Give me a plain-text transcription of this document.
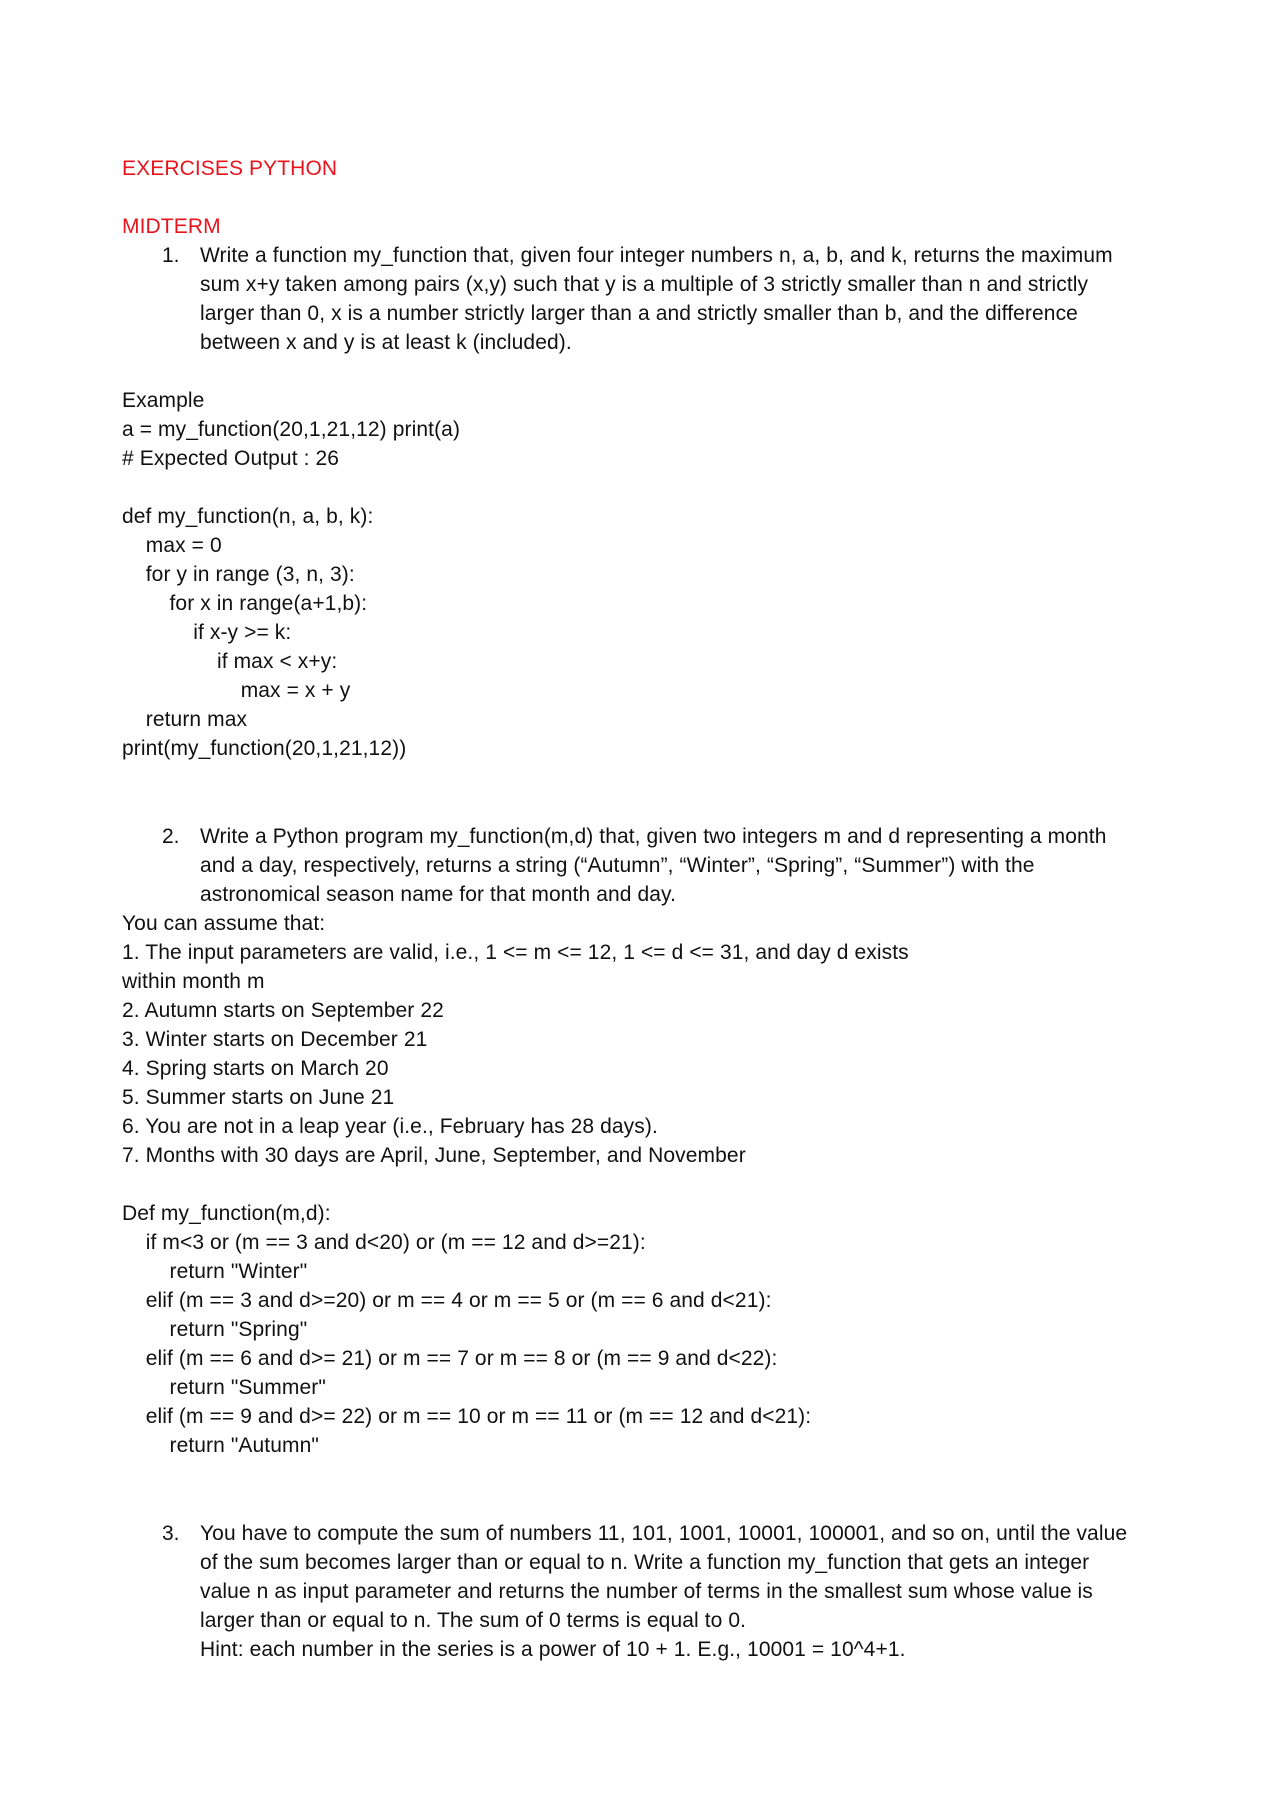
EXERCISES PYTHON
MIDTERM
1. Write a function my_function that, given four integer numbers n, a, b, and k, returns the maximum
sum x+y taken among pairs (x,y) such that y is a multiple of 3 strictly smaller than n and strictly
larger than 0, x is a number strictly larger than a and strictly smaller than b, and the difference
between x and y is at least k (included).
Example
a = my_function(20,1,21,12) print(a)
# Expected Output : 26
def my_function(n, a, b, k):
max = 0
for y in range (3, n, 3):
for x in range(a+1,b):
if x-y >= k:
if max < x+y:
max = x + y
return max
print(my_function(20,1,21,12))
2. Write a Python program my_function(m,d) that, given two integers m and d representing a month
and a day, respectively, returns a string (“Autumn”, “Winter”, “Spring”, “Summer”) with the
astronomical season name for that month and day.
You can assume that:
1. The input parameters are valid, i.e., 1 <= m <= 12, 1 <= d <= 31, and day d exists
within month m
2. Autumn starts on September 22
3. Winter starts on December 21
4. Spring starts on March 20
5. Summer starts on June 21
6. You are not in a leap year (i.e., February has 28 days).
7. Months with 30 days are April, June, September, and November
Def my_function(m,d):
if m<3 or (m == 3 and d<20) or (m == 12 and d>=21):
return "Winter"
elif (m == 3 and d>=20) or m == 4 or m == 5 or (m == 6 and d<21):
return "Spring"
elif (m == 6 and d>= 21) or m == 7 or m == 8 or (m == 9 and d<22):
return "Summer"
elif (m == 9 and d>= 22) or m == 10 or m == 11 or (m == 12 and d<21):
return "Autumn"
3. You have to compute the sum of numbers 11, 101, 1001, 10001, 100001, and so on, until the value
of the sum becomes larger than or equal to n. Write a function my_function that gets an integer
value n as input parameter and returns the number of terms in the smallest sum whose value is
larger than or equal to n. The sum of 0 terms is equal to 0.
Hint: each number in the series is a power of 10 + 1. E.g., 10001 = 10^4+1.
